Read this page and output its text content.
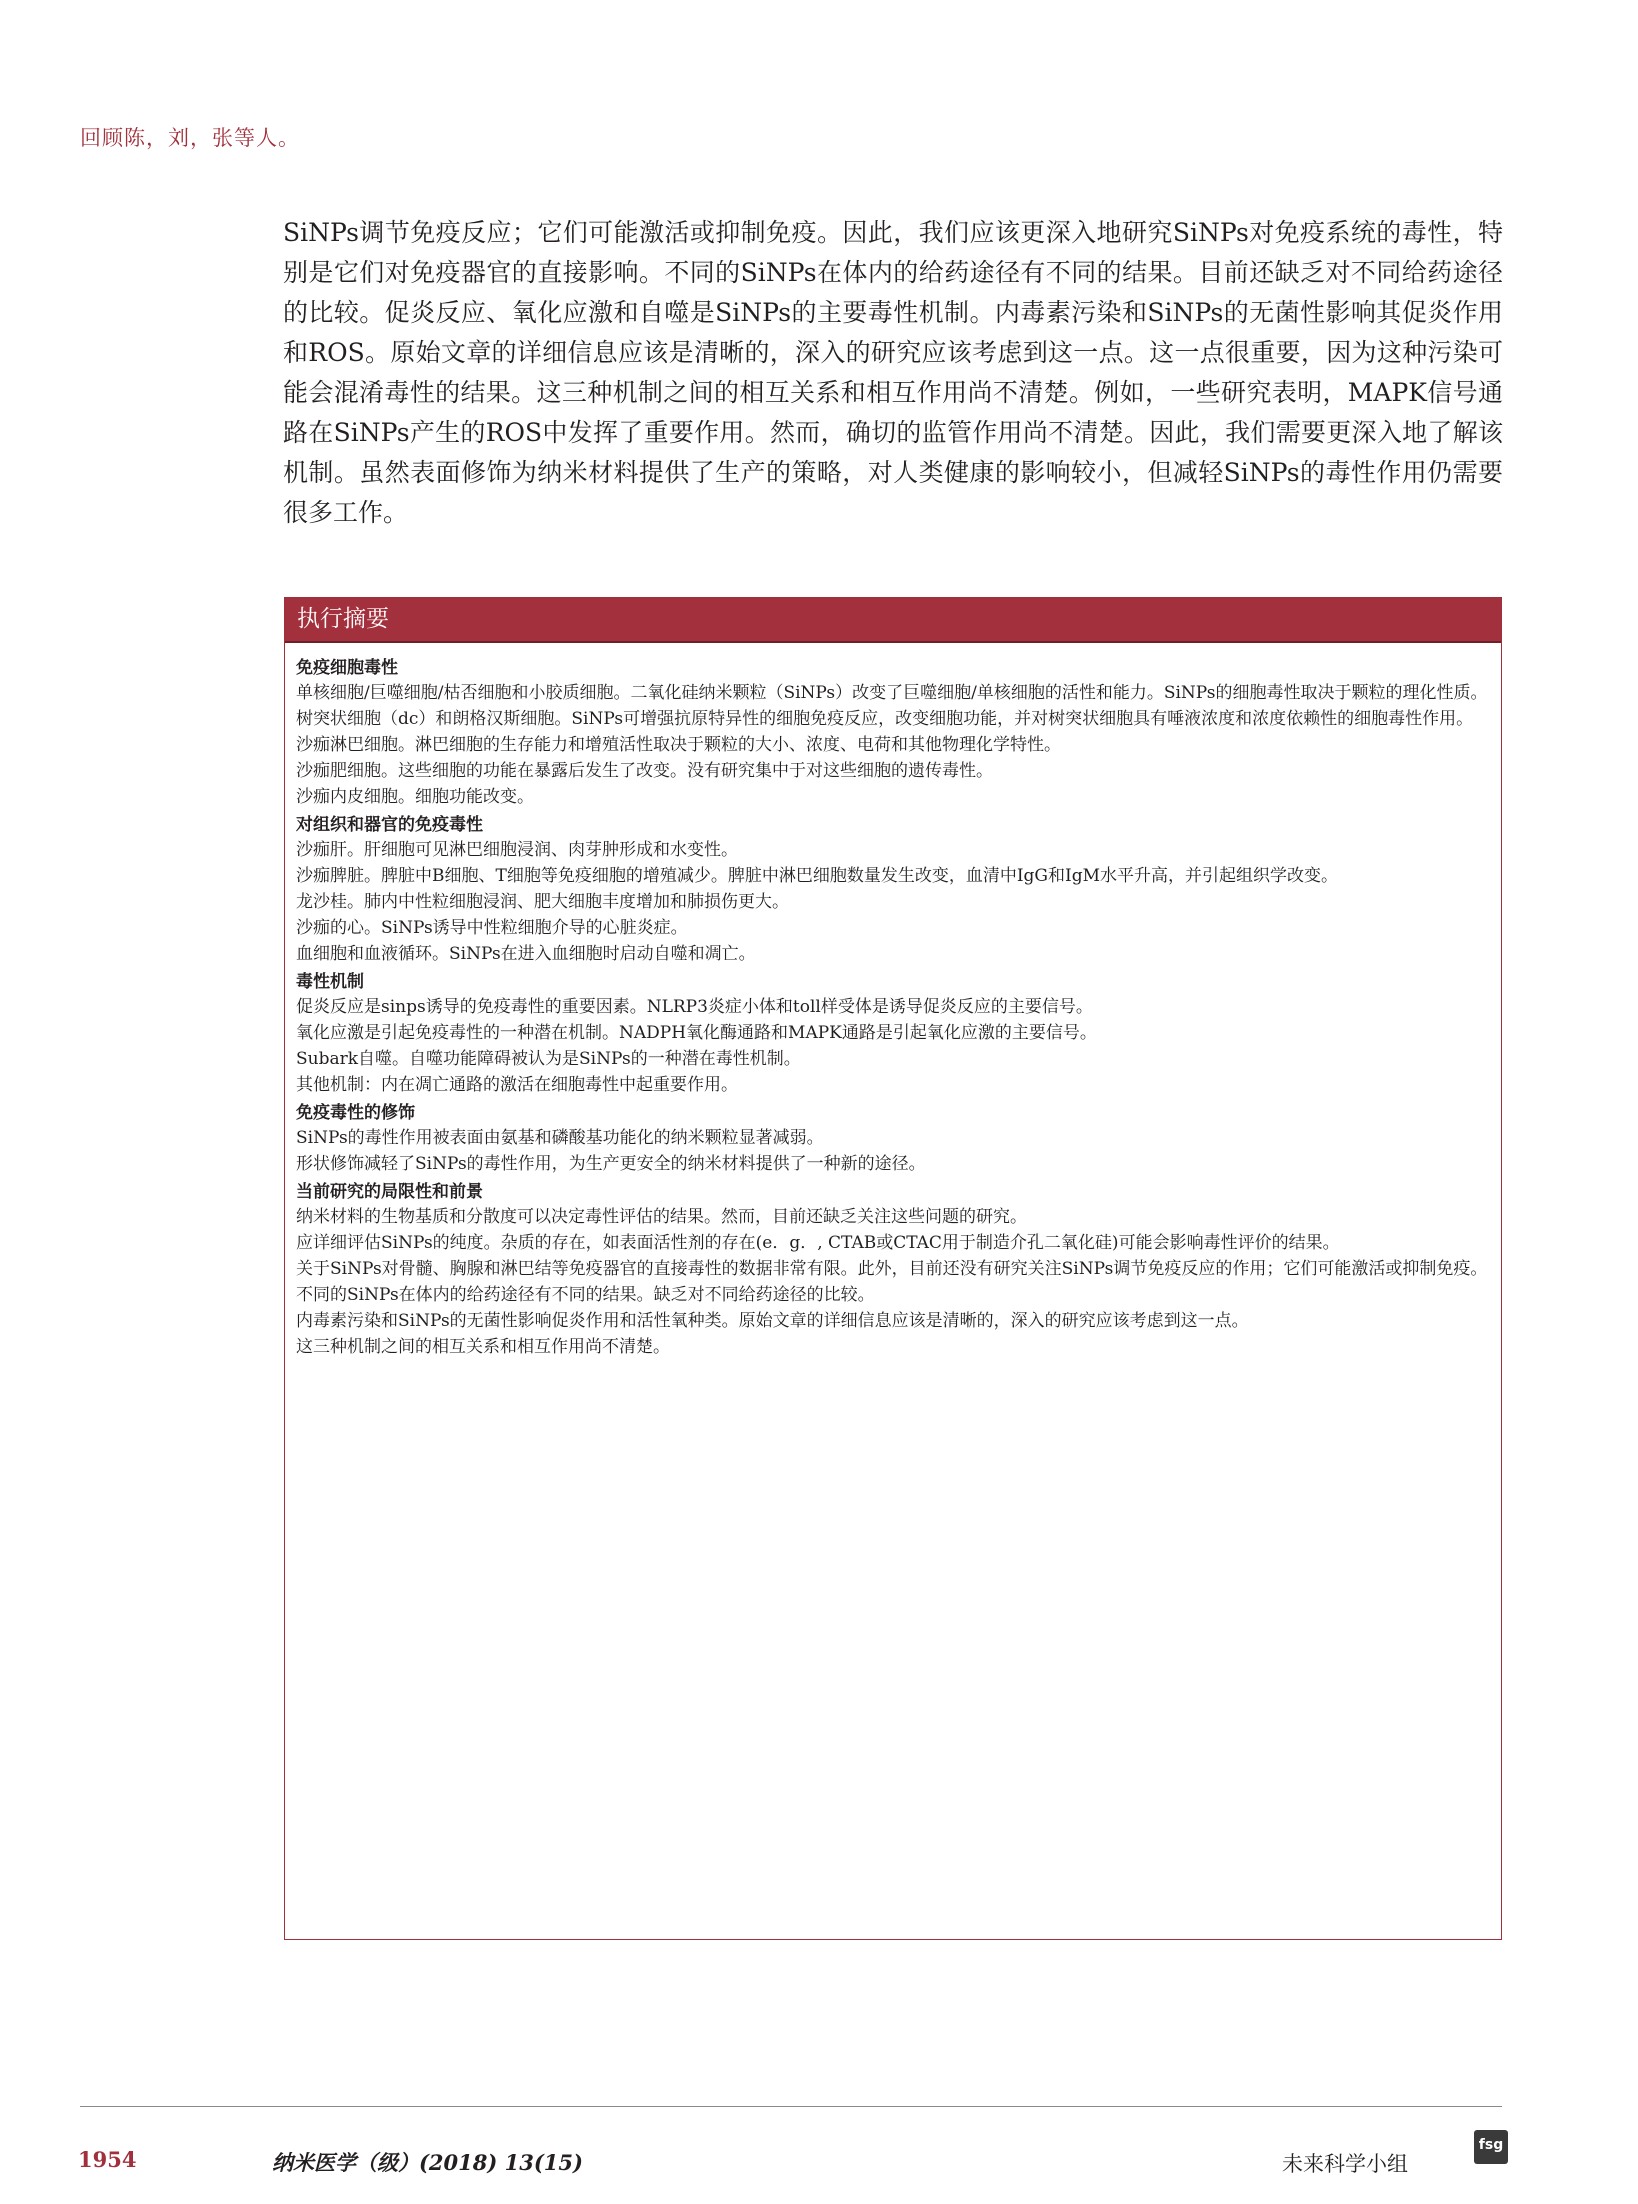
回顾陈，刘，张等人。

SiNPs调节免疫反应；它们可能激活或抑制免疫。因此，我们应该更深入地研究SiNPs对免疫系统的毒性，特别是它们对免疫器官的直接影响。不同的SiNPs在体内的给药途径有不同的结果。目前还缺乏对不同给药途径的比较。促炎反应、氧化应激和自噬是SiNPs的主要毒性机制。内毒素污染和SiNPs的无菌性影响其促炎作用和ROS。原始文章的详细信息应该是清晰的，深入的研究应该考虑到这一点。这一点很重要，因为这种污染可能会混淆毒性的结果。这三种机制之间的相互关系和相互作用尚不清楚。例如，一些研究表明，MAPK信号通路在SiNPs产生的ROS中发挥了重要作用。然而，确切的监管作用尚不清楚。因此，我们需要更深入地了解该机制。虽然表面修饰为纳米材料提供了生产的策略，对人类健康的影响较小，但减轻SiNPs的毒性作用仍需要很多工作。

执行摘要
免疫细胞毒性

单核细胞/巨噬细胞/枯否细胞和小胶质细胞。二氧化硅纳米颗粒（SiNPs）改变了巨噬细胞/单核细胞的活性和能力。SiNPs的细胞毒性取决于颗粒的理化性质。

树突状细胞（dc）和朗格汉斯细胞。SiNPs可增强抗原特异性的细胞免疫反应，改变细胞功能，并对树突状细胞具有唾液浓度和浓度依赖性的细胞毒性作用。

沙痂淋巴细胞。淋巴细胞的生存能力和增殖活性取决于颗粒的大小、浓度、电荷和其他物理化学特性。

沙痂肥细胞。这些细胞的功能在暴露后发生了改变。没有研究集中于对这些细胞的遗传毒性。

沙痂内皮细胞。细胞功能改变。

对组织和器官的免疫毒性

沙痂肝。肝细胞可见淋巴细胞浸润、肉芽肿形成和水变性。

沙痂脾脏。脾脏中B细胞、T细胞等免疫细胞的增殖减少。脾脏中淋巴细胞数量发生改变，血清中IgG和IgM水平升高，并引起组织学改变。

龙沙桂。肺内中性粒细胞浸润、肥大细胞丰度增加和肺损伤更大。

沙痂的心。SiNPs诱导中性粒细胞介导的心脏炎症。

血细胞和血液循环。SiNPs在进入血细胞时启动自噬和凋亡。

毒性机制

促炎反应是sinps诱导的免疫毒性的重要因素。NLRP3炎症小体和toll样受体是诱导促炎反应的主要信号。

氧化应激是引起免疫毒性的一种潜在机制。NADPH氧化酶通路和MAPK通路是引起氧化应激的主要信号。

Subark自噬。自噬功能障碍被认为是SiNPs的一种潜在毒性机制。

其他机制：内在凋亡通路的激活在细胞毒性中起重要作用。

免疫毒性的修饰

SiNPs的毒性作用被表面由氨基和磷酸基功能化的纳米颗粒显著减弱。

形状修饰减轻了SiNPs的毒性作用，为生产更安全的纳米材料提供了一种新的途径。

当前研究的局限性和前景

纳米材料的生物基质和分散度可以决定毒性评估的结果。然而，目前还缺乏关注这些问题的研究。

应详细评估SiNPs的纯度。杂质的存在，如表面活性剂的存在(e．g．, CTAB或CTAC用于制造介孔二氧化硅)可能会影响毒性评价的结果。

关于SiNPs对骨髓、胸腺和淋巴结等免疫器官的直接毒性的数据非常有限。此外，目前还没有研究关注SiNPs调节免疫反应的作用；它们可能激活或抑制免疫。

不同的SiNPs在体内的给药途径有不同的结果。缺乏对不同给药途径的比较。

内毒素污染和SiNPs的无菌性影响促炎作用和活性氧种类。原始文章的详细信息应该是清晰的，深入的研究应该考虑到这一点。

这三种机制之间的相互关系和相互作用尚不清楚。

1954	纳米医学（级）(2018) 13(15)	未来科学小组
fsg
